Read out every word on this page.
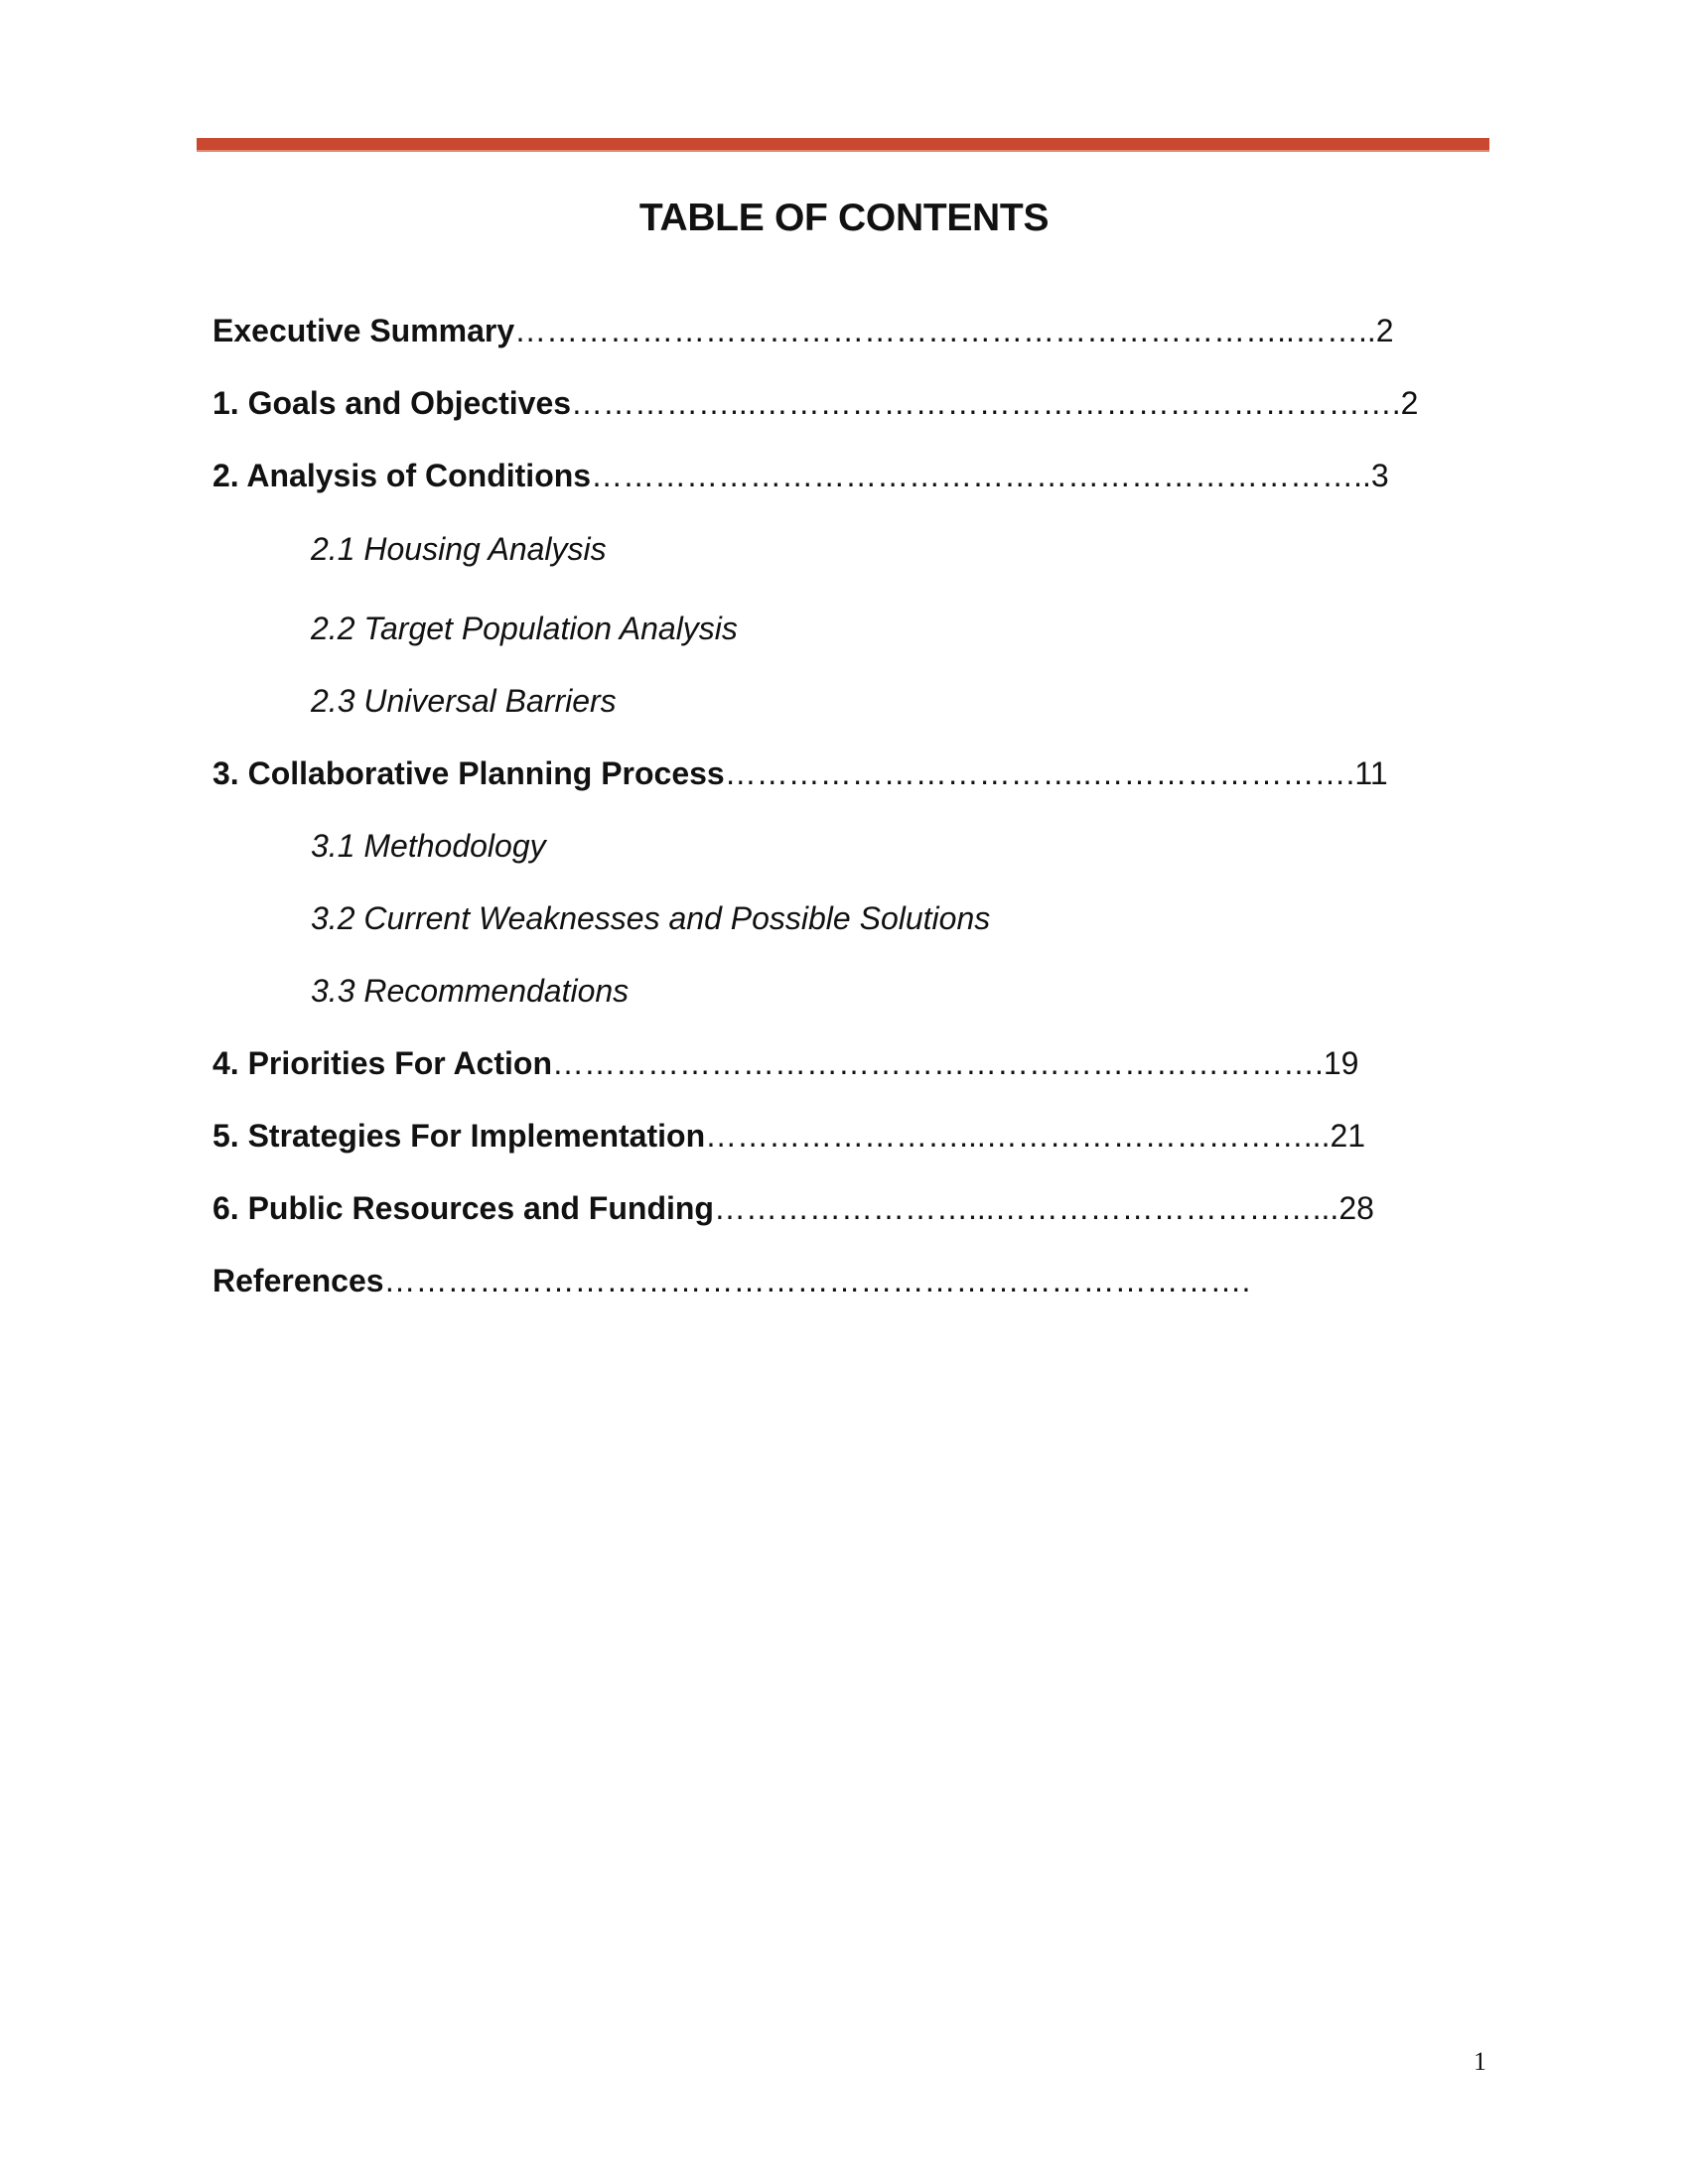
TABLE OF CONTENTS
Executive Summary………………………………………………………………..……..2
1. Goals and Objectives……………...…………………………………………………….2
2. Analysis of Conditions………………………………………………………………..3
2.1 Housing Analysis
2.2 Target Population Analysis
2.3 Universal Barriers
3. Collaborative Planning Process……………………………..…………………….11
3.1 Methodology
3.2 Current Weaknesses and Possible Solutions
3.3 Recommendations
4. Priorities For Action……………………………………………………………….19
5. Strategies For Implementation……………………...…………………………...21
6. Public Resources and Funding……………………...…………………………...28
References……………………………………………………………………….
1
